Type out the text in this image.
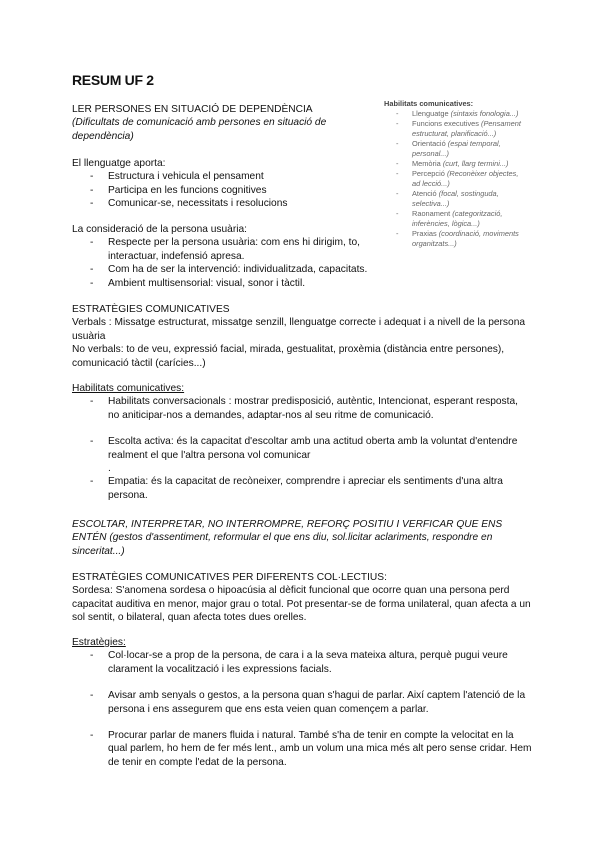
RESUM UF 2
LER PERSONES EN SITUACIÓ DE DEPENDÈNCIA
(Dificultats de comunicació amb persones en situació de dependència)
Habilitats comunicatives:
- Llenguatge (sintaxis fonologia...)
- Funcions executives (Pensament estructurat, planificació...)
- Orientació (espai temporal, personal...)
- Memòria (curt, llarg termini...)
- Percepció (Reconèixer objectes, ad lecció...)
- Atenció (focal, sostinguda, selectiva...)
- Raonament (categorització, inferències, lògica...)
- Praxias (coordinació, moviments organitzats...)
El llenguatge aporta:
- Estructura i vehicula el pensament
- Participa en les funcions cognitives
- Comunicar-se, necessitats i resolucions
La consideració de la persona usuària:
- Respecte per la persona usuària: com ens hi dirigim, to, interactuar, indefensió apresa.
- Com ha de ser la intervenció: individualitzada, capacitats.
- Ambient multisensorial: visual, sonor i tàctil.
ESTRATÈGIES COMUNICATIVES
Verbals : Missatge estructurat, missatge senzill, llenguatge correcte i adequat i a nivell de la persona usuària
No verbals: to de veu, expressió facial, mirada, gestualitat, proxèmia (distància entre persones), comunicació tàctil (carícies...)
Habilitats comunicatives:
- Habilitats conversacionals : mostrar predisposició, autèntic, Intencionat, esperant resposta, no aniticipar-nos a demandes, adaptar-nos al seu ritme de comunicació.
- Escolta activa: és la capacitat d'escoltar amb una actitud oberta amb la voluntat d'entendre realment el que l'altra persona vol comunicar
.
- Empatia: és la capacitat de recòneixer, comprendre i apreciar els sentiments d'una altra persona.
ESCOLTAR, INTERPRETAR, NO INTERROMPRE, REFORÇ POSITIU I VERFICAR QUE ENS ENTÉN (gestos d'assentiment, reformular el que ens diu, sol.licitar aclariments, respondre en sinceritat...)
ESTRATÈGIES COMUNICATIVES PER DIFERENTS COL·LECTIUS:
Sordesa: S'anomena sordesa o hipoacúsia al dèficit funcional que ocorre quan una persona perd capacitat auditiva en menor, major grau o total. Pot presentar-se de forma unilateral, quan afecta a un sol sentit, o bilateral, quan afecta totes dues orelles.
Estratègies:
- Col·locar-se a prop de la persona, de cara i a la seva mateixa altura, perquè pugui veure clarament la vocalització i les expressions facials.
- Avisar amb senyals o gestos, a la persona quan s'hagui de parlar. Així captem l'atenció de la persona i ens assegurem que ens esta veien quan començem a parlar.
- Procurar parlar de maners fluida i natural. També s'ha de tenir en compte la velocitat en la qual parlem, ho hem de fer més lent., amb un volum una mica més alt pero sense cridar. Hem de tenir en compte l'edat de la persona.
